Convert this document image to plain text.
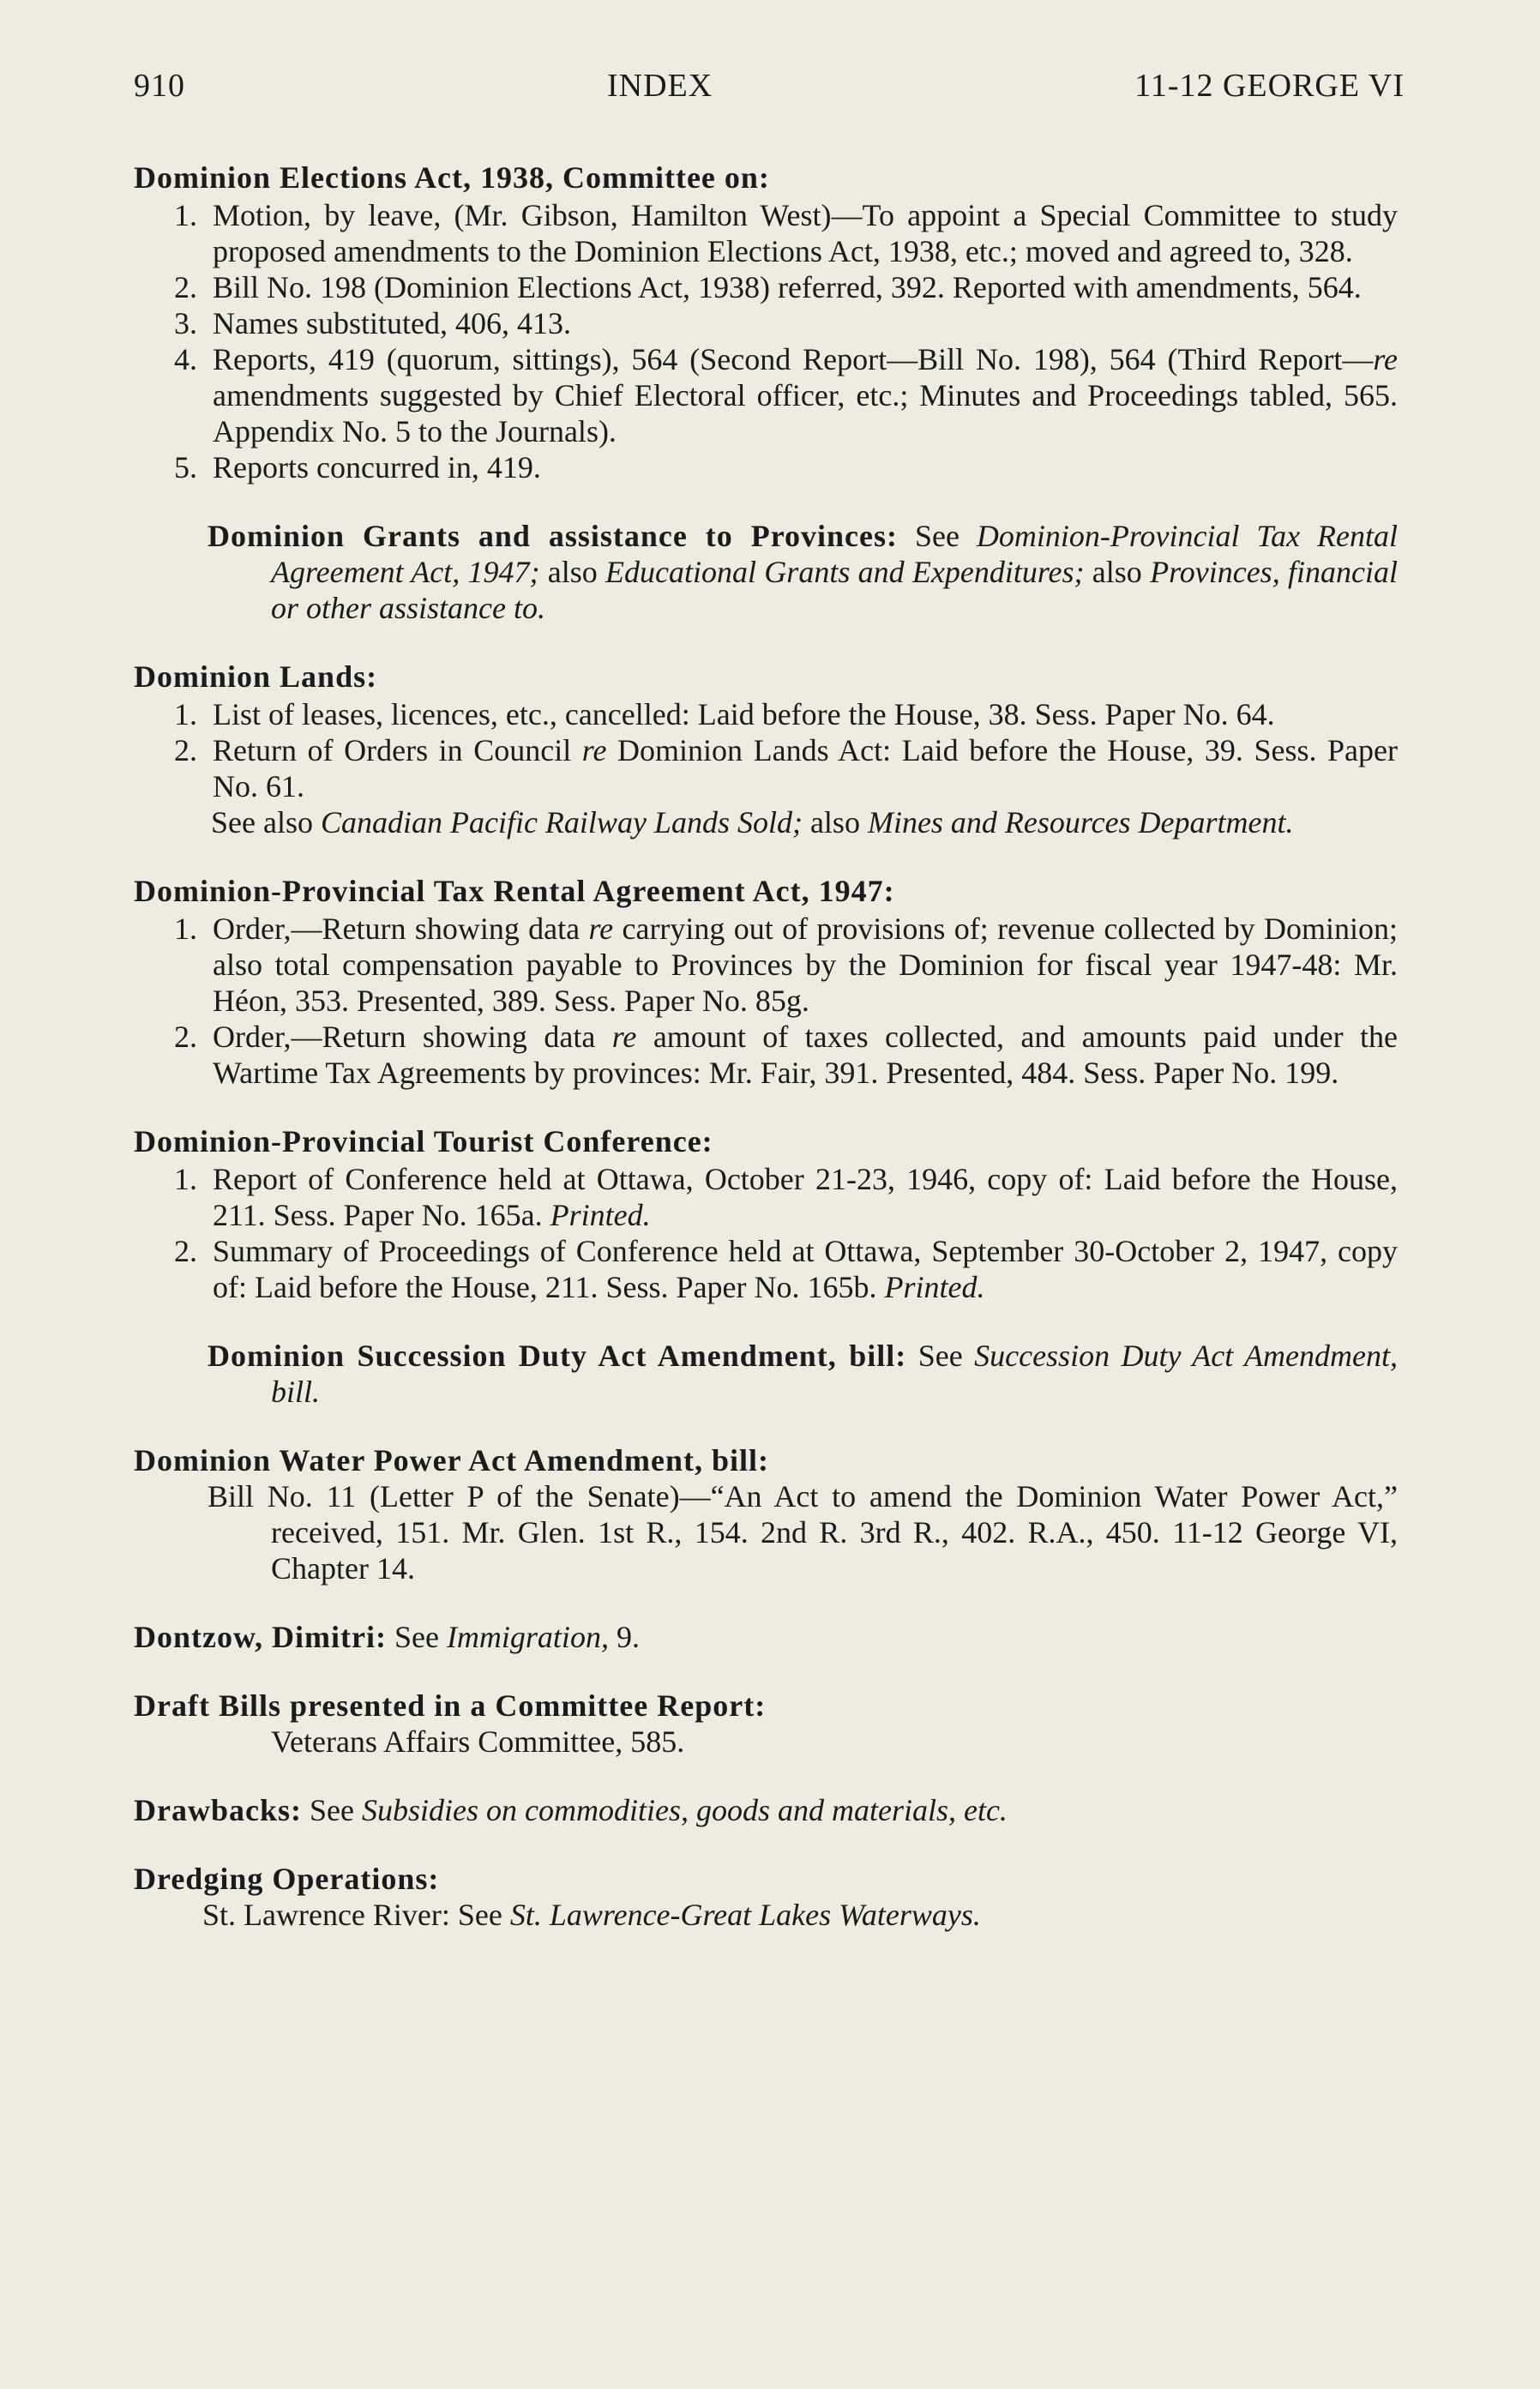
910	INDEX	11-12 GEORGE VI
Dominion Elections Act, 1938, Committee on:
1. Motion, by leave, (Mr. Gibson, Hamilton West)—To appoint a Special Committee to study proposed amendments to the Dominion Elections Act, 1938, etc.; moved and agreed to, 328.
2. Bill No. 198 (Dominion Elections Act, 1938) referred, 392. Reported with amendments, 564.
3. Names substituted, 406, 413.
4. Reports, 419 (quorum, sittings), 564 (Second Report—Bill No. 198), 564 (Third Report—re amendments suggested by Chief Electoral officer, etc.; Minutes and Proceedings tabled, 565. Appendix No. 5 to the Journals).
5. Reports concurred in, 419.
Dominion Grants and assistance to Provinces: See Dominion-Provincial Tax Rental Agreement Act, 1947; also Educational Grants and Expenditures; also Provinces, financial or other assistance to.
Dominion Lands:
1. List of leases, licences, etc., cancelled: Laid before the House, 38. Sess. Paper No. 64.
2. Return of Orders in Council re Dominion Lands Act: Laid before the House, 39. Sess. Paper No. 61.
See also Canadian Pacific Railway Lands Sold; also Mines and Resources Department.
Dominion-Provincial Tax Rental Agreement Act, 1947:
1. Order,—Return showing data re carrying out of provisions of; revenue collected by Dominion; also total compensation payable to Provinces by the Dominion for fiscal year 1947-48: Mr. Héon, 353. Presented, 389. Sess. Paper No. 85g.
2. Order,—Return showing data re amount of taxes collected, and amounts paid under the Wartime Tax Agreements by provinces: Mr. Fair, 391. Presented, 484. Sess. Paper No. 199.
Dominion-Provincial Tourist Conference:
1. Report of Conference held at Ottawa, October 21-23, 1946, copy of: Laid before the House, 211. Sess. Paper No. 165a. Printed.
2. Summary of Proceedings of Conference held at Ottawa, September 30-October 2, 1947, copy of: Laid before the House, 211. Sess. Paper No. 165b. Printed.
Dominion Succession Duty Act Amendment, bill: See Succession Duty Act Amendment, bill.
Dominion Water Power Act Amendment, bill:
Bill No. 11 (Letter P of the Senate)—“An Act to amend the Dominion Water Power Act,” received, 151. Mr. Glen. 1st R., 154. 2nd R. 3rd R., 402. R.A., 450. 11-12 George VI, Chapter 14.
Dontzow, Dimitri: See Immigration, 9.
Draft Bills presented in a Committee Report:
Veterans Affairs Committee, 585.
Drawbacks: See Subsidies on commodities, goods and materials, etc.
Dredging Operations:
St. Lawrence River: See St. Lawrence-Great Lakes Waterways.
